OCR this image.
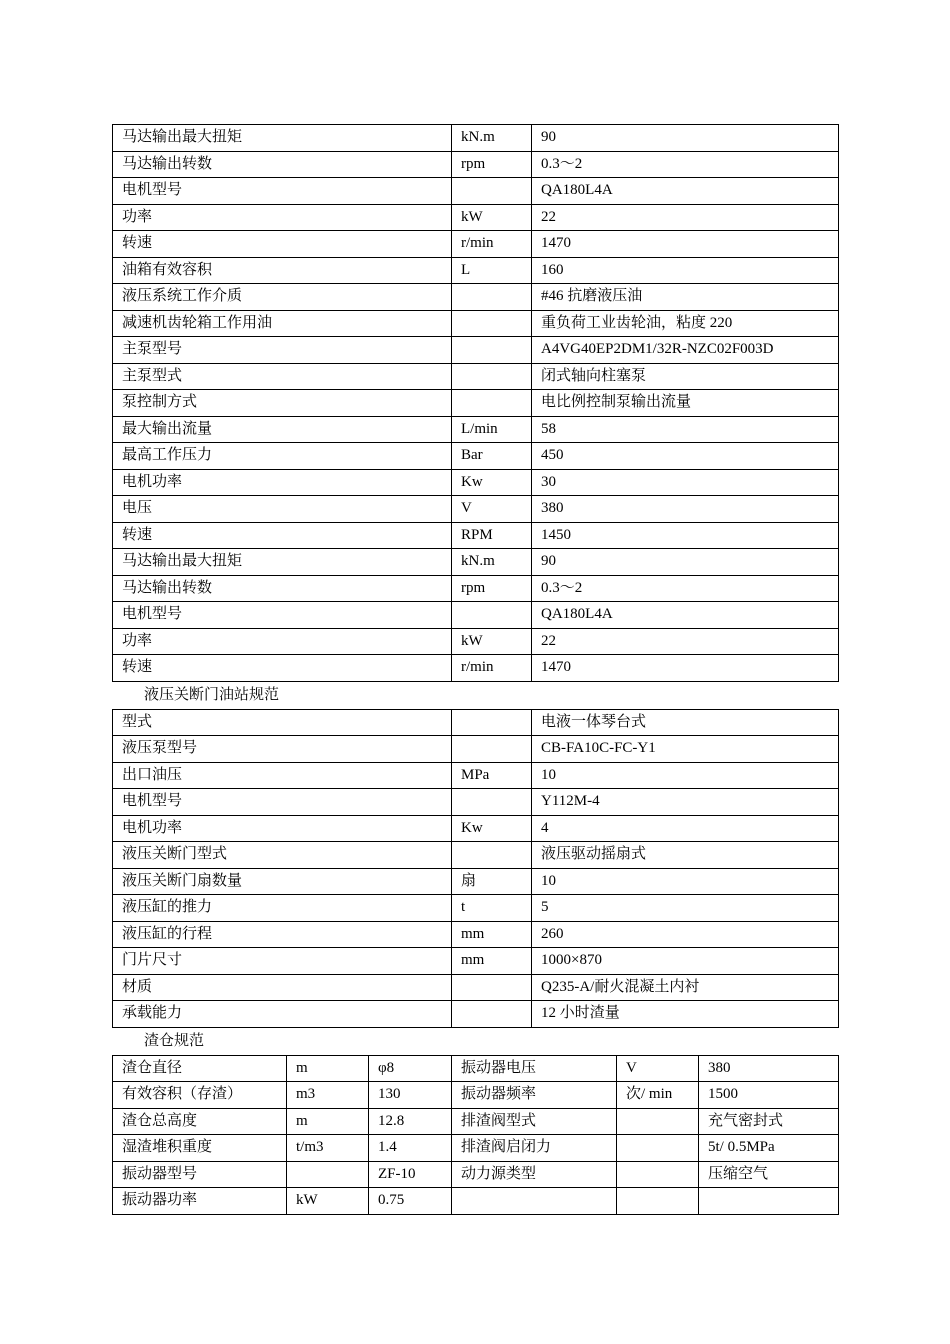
马达输出最大扭矩	kN.m	90
马达输出转数	rpm	0.3～2
电机型号		QA180L4A
功率	kW	22
转速	r/min	1470
油箱有效容积	L	160
液压系统工作介质		#46 抗磨液压油
减速机齿轮箱工作用油		重负荷工业齿轮油，粘度 220
主泵型号		A4VG40EP2DM1/32R-NZC02F003D
主泵型式		闭式轴向柱塞泵
泵控制方式		电比例控制泵输出流量
最大输出流量	L/min	58
最高工作压力	Bar	450
电机功率	Kw	30
电压	V	380
转速	RPM	1450
马达输出最大扭矩	kN.m	90
马达输出转数	rpm	0.3～2
电机型号		QA180L4A
功率	kW	22
转速	r/min	1470
液压关断门油站规范
型式		电液一体琴台式
液压泵型号		CB-FA10C-FC-Y1
出口油压	MPa	10
电机型号		Y112M-4
电机功率	Kw	4
液压关断门型式		液压驱动摇扇式
液压关断门扇数量	扇	10
液压缸的推力	t	5
液压缸的行程	mm	260
门片尺寸	mm	1000×870
材质		Q235-A/耐火混凝土内衬
承载能力		12 小时渣量
渣仓规范
渣仓直径	m	φ8	振动器电压	V	380
有效容积（存渣）	m3	130	振动器频率	次/ min	1500
渣仓总高度	m	12.8	排渣阀型式		充气密封式
湿渣堆积重度	t/m3	1.4	排渣阀启闭力		5t/ 0.5MPa
振动器型号		ZF-10	动力源类型		压缩空气
振动器功率	kW	0.75			
